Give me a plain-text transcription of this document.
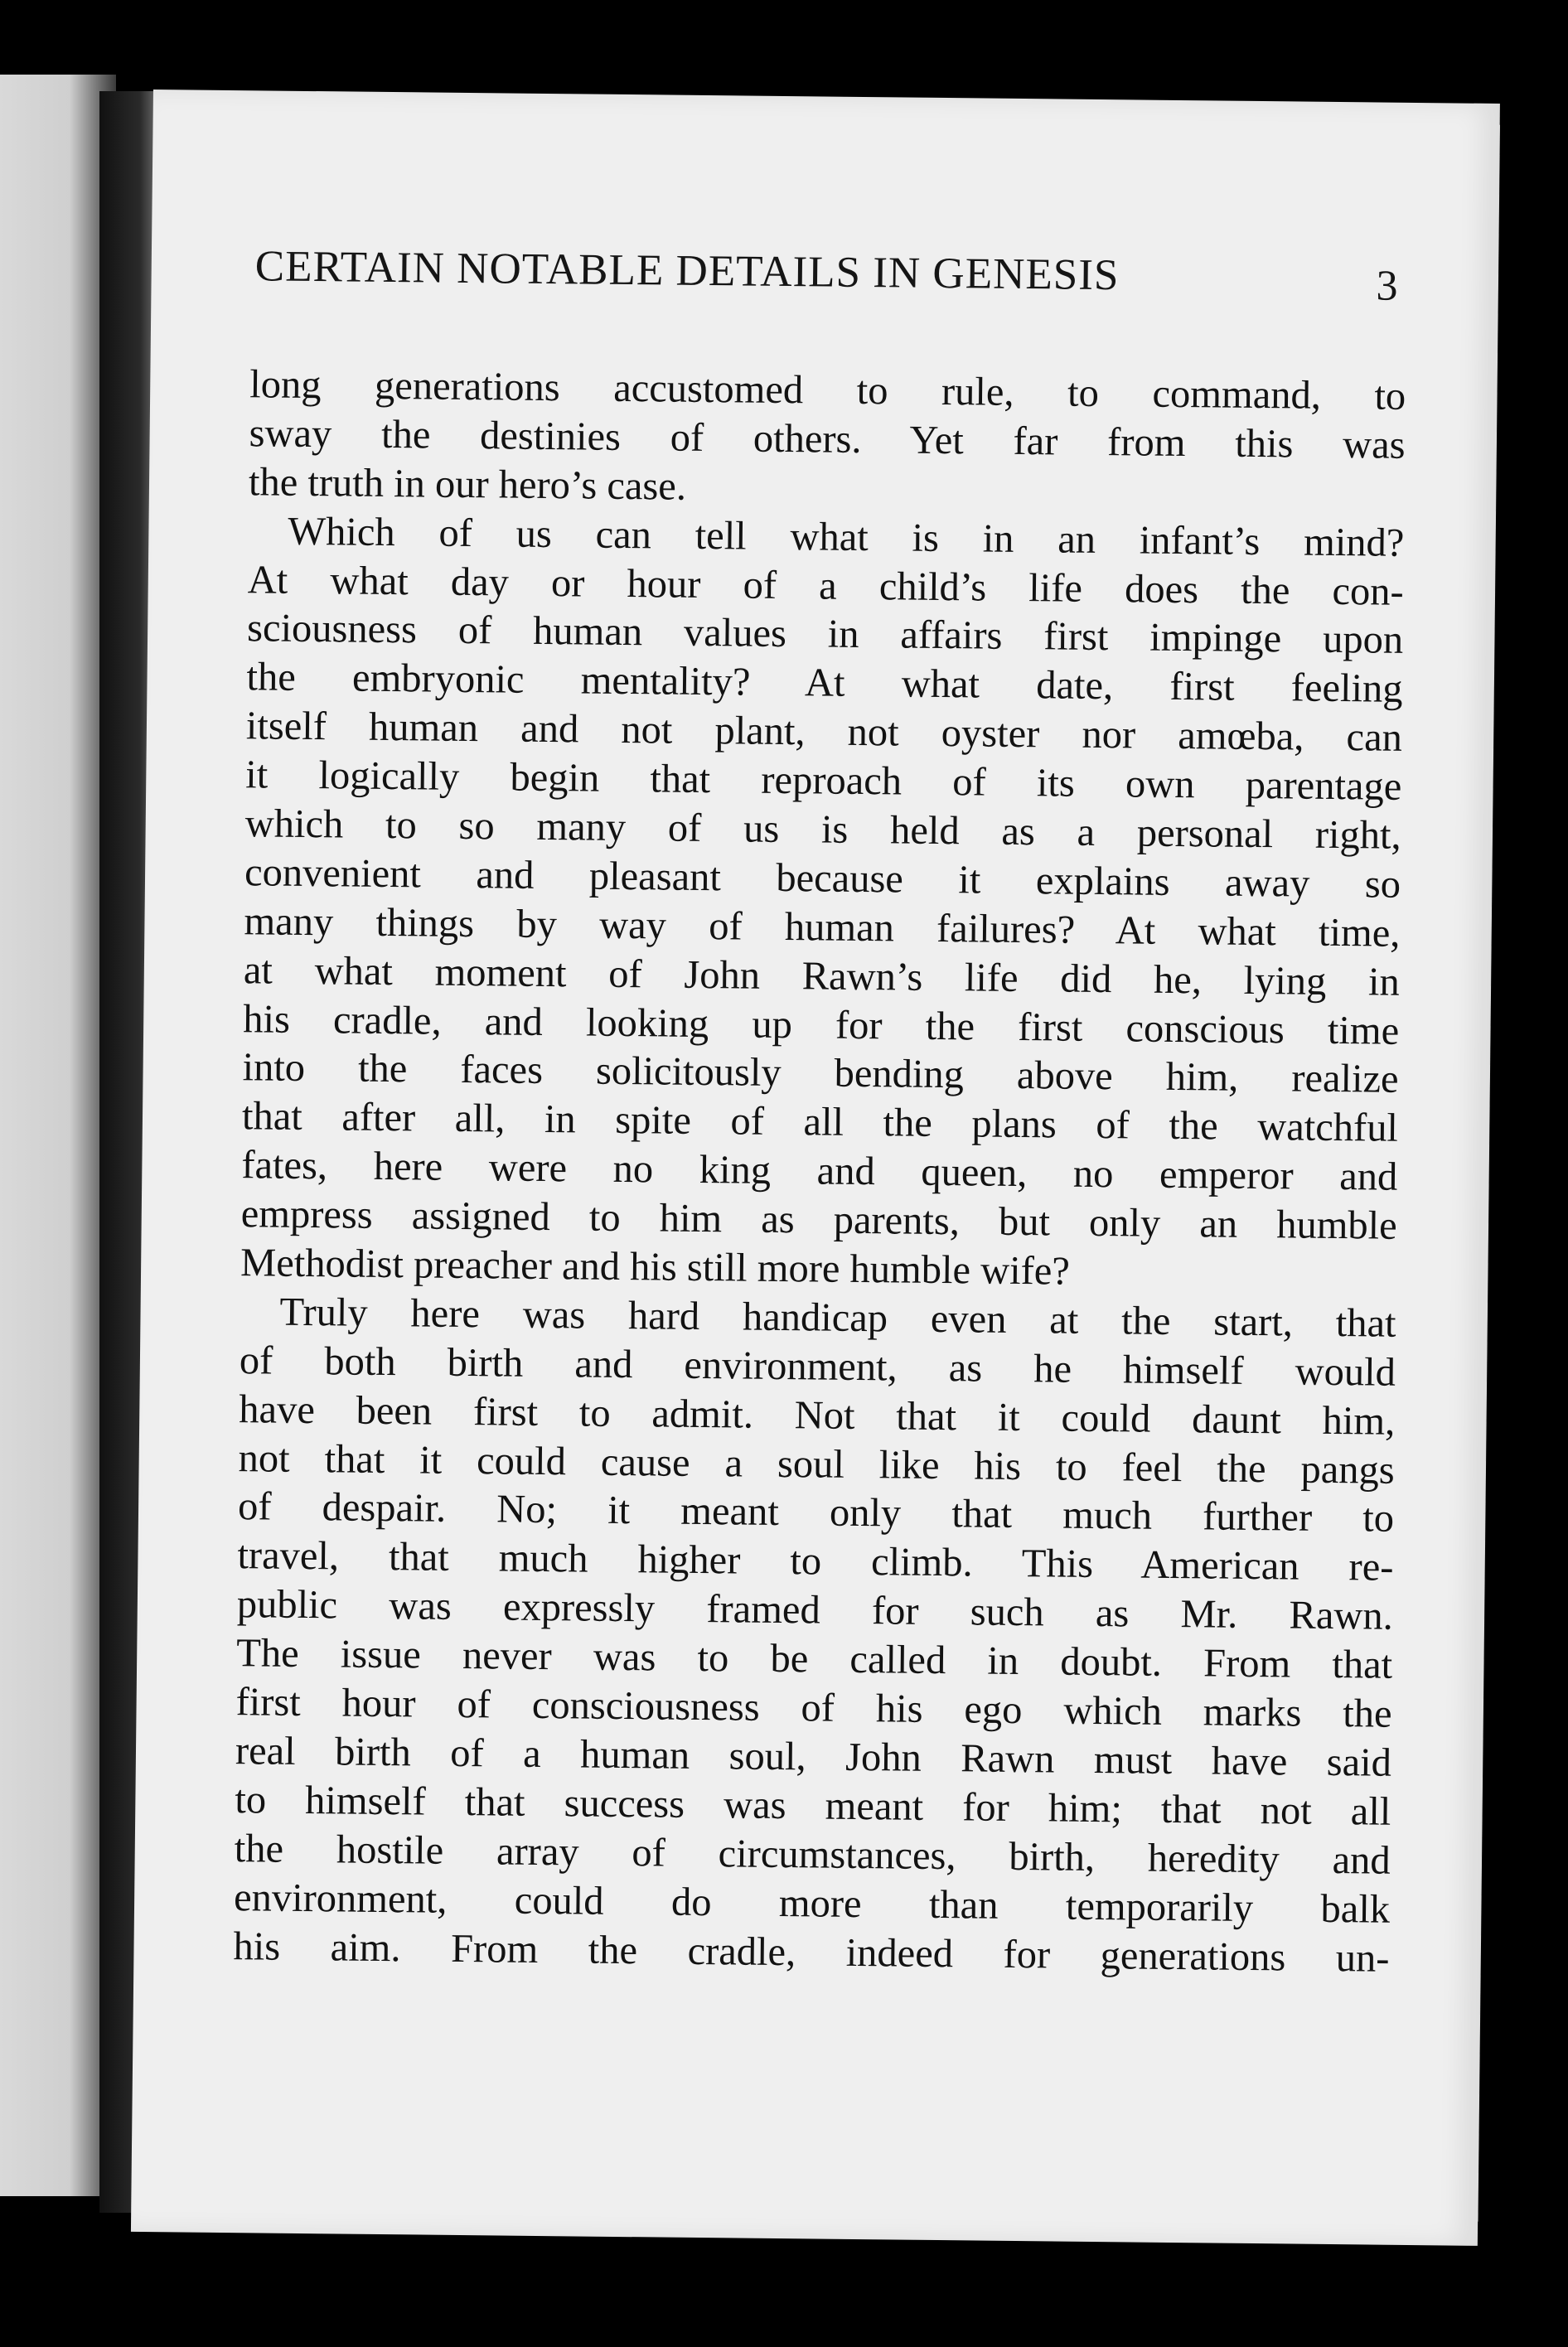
CERTAIN NOTABLE DETAILS IN GENESIS	3
long generations accustomed to rule, to command, to
sway the destinies of others. Yet far from this was
the truth in our hero’s case.
Which of us can tell what is in an infant’s mind?
At what day or hour of a child’s life does the con-
sciousness of human values in affairs first impinge upon
the embryonic mentality? At what date, first feeling
itself human and not plant, not oyster nor amœba, can
it logically begin that reproach of its own parentage
which to so many of us is held as a personal right,
convenient and pleasant because it explains away so
many things by way of human failures? At what time,
at what moment of John Rawn’s life did he, lying in
his cradle, and looking up for the first conscious time
into the faces solicitously bending above him, realize
that after all, in spite of all the plans of the watchful
fates, here were no king and queen, no emperor and
empress assigned to him as parents, but only an humble
Methodist preacher and his still more humble wife?
Truly here was hard handicap even at the start, that
of both birth and environment, as he himself would
have been first to admit. Not that it could daunt him,
not that it could cause a soul like his to feel the pangs
of despair. No; it meant only that much further to
travel, that much higher to climb. This American re-
public was expressly framed for such as Mr. Rawn.
The issue never was to be called in doubt. From that
first hour of consciousness of his ego which marks the
real birth of a human soul, John Rawn must have said
to himself that success was meant for him; that not all
the hostile array of circumstances, birth, heredity and
environment, could do more than temporarily balk
his aim. From the cradle, indeed for generations un-
